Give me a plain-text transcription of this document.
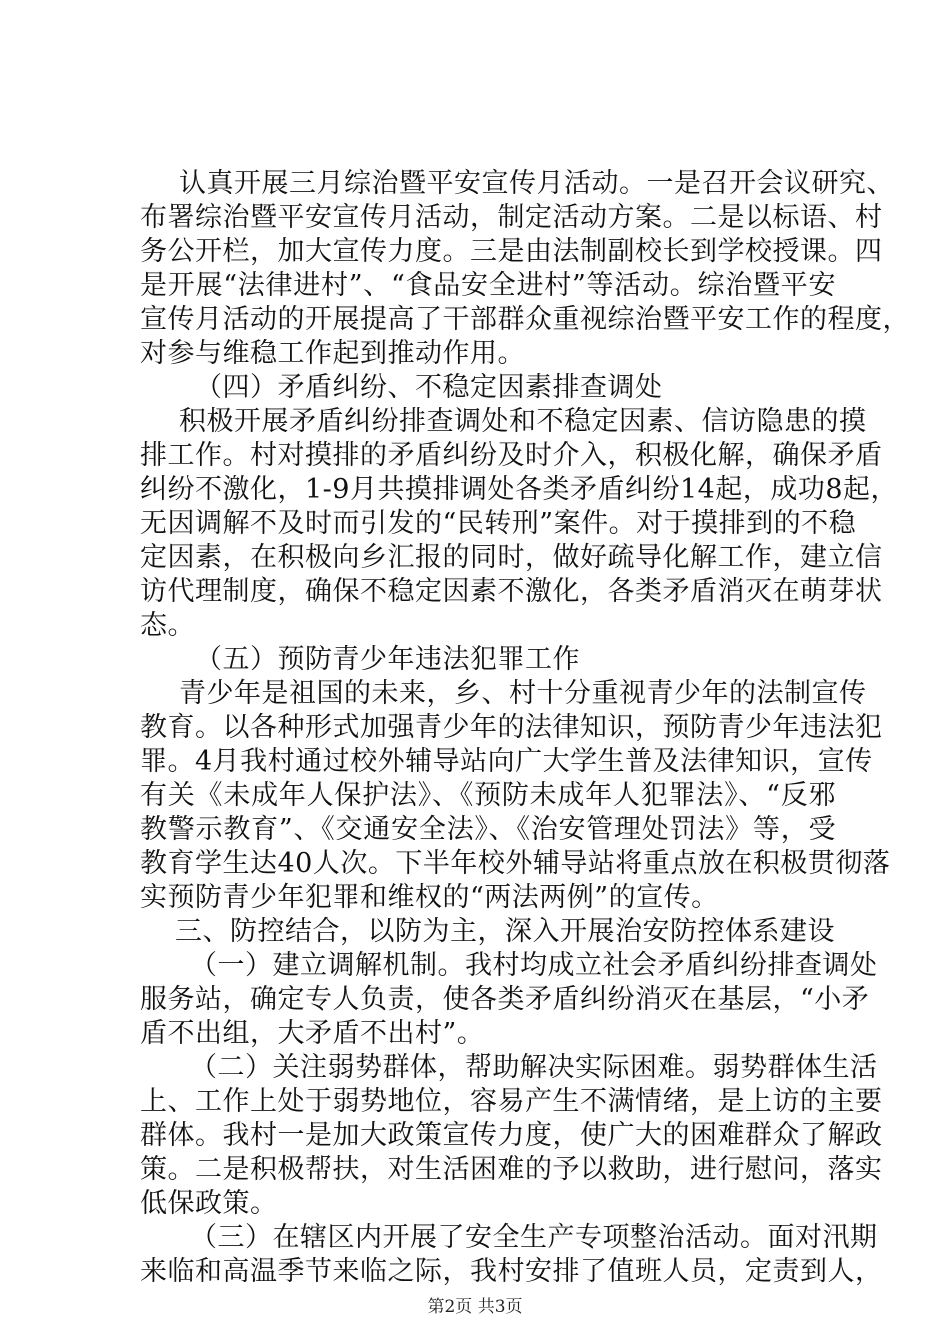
认真开展三月综治暨平安宣传月活动。一是召开会议研究、
布署综治暨平安宣传月活动，制定活动方案。二是以标语、村
务公开栏，加大宣传力度。三是由法制副校长到学校授课。四
是开展“法律进村”、“食品安全进村”等活动。综治暨平安
宣传月活动的开展提高了干部群众重视综治暨平安工作的程度，
对参与维稳工作起到推动作用。
（四）矛盾纠纷、不稳定因素排查调处
积极开展矛盾纠纷排查调处和不稳定因素、信访隐患的摸
排工作。村对摸排的矛盾纠纷及时介入，积极化解，确保矛盾
纠纷不激化，1-9月共摸排调处各类矛盾纠纷14起，成功8起，
无因调解不及时而引发的“民转刑”案件。对于摸排到的不稳
定因素，在积极向乡汇报的同时，做好疏导化解工作，建立信
访代理制度，确保不稳定因素不激化，各类矛盾消灭在萌芽状
态。
（五）预防青少年违法犯罪工作
青少年是祖国的未来，乡、村十分重视青少年的法制宣传
教育。以各种形式加强青少年的法律知识，预防青少年违法犯
罪。4月我村通过校外辅导站向广大学生普及法律知识，宣传
有关《未成年人保护法》、《预防未成年人犯罪法》、“反邪
教警示教育”、《交通安全法》、《治安管理处罚法》等，受
教育学生达40人次。下半年校外辅导站将重点放在积极贯彻落
实预防青少年犯罪和维权的“两法两例”的宣传。
三、防控结合，以防为主，深入开展治安防控体系建设
（一）建立调解机制。我村均成立社会矛盾纠纷排查调处
服务站，确定专人负责，使各类矛盾纠纷消灭在基层，“小矛
盾不出组，大矛盾不出村”。
（二）关注弱势群体，帮助解决实际困难。弱势群体生活
上、工作上处于弱势地位，容易产生不满情绪，是上访的主要
群体。我村一是加大政策宣传力度，使广大的困难群众了解政
策。二是积极帮扶，对生活困难的予以救助，进行慰问，落实
低保政策。
（三）在辖区内开展了安全生产专项整治活动。面对汛期
来临和高温季节来临之际，我村安排了值班人员，定责到人，
第2页 共3页
